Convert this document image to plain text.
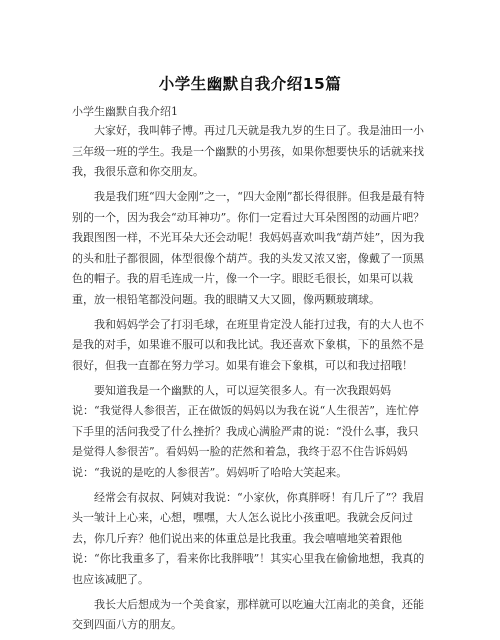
小学生幽默自我介绍15篇
小学生幽默自我介绍1

大家好，我叫韩子博。再过几天就是我九岁的生日了。我是油田一小三年级一班的学生。我是一个幽默的小男孩，如果你想要快乐的话就来找我，我很乐意和你交朋友。

我是我们班“四大金刚”之一，“四大金刚”都长得很胖。但我是最有特别的一个，因为我会“动耳神功”。你们一定看过大耳朵图图的动画片吧？我跟图图一样，不光耳朵大还会动呢！我妈妈喜欢叫我“葫芦娃”，因为我的头和肚子都很圆，体型很像个葫芦。我的头发又浓又密，像戴了一顶黑色的帽子。我的眉毛连成一片，像一个一字。眼眨毛很长，如果可以栽重，放一根铅笔都没问题。我的眼睛又大又圆，像两颗玻璃球。

我和妈妈学会了打羽毛球，在班里肯定没人能打过我，有的大人也不是我的对手，如果谁不服可以和我比试。我还喜欢下象棋，下的虽然不是很好，但我一直都在努力学习。如果有谁会下象棋，可以和我过招哦！

要知道我是一个幽默的人，可以逗笑很多人。有一次我跟妈妈说：“我觉得人参很苦，正在做饭的妈妈以为我在说“人生很苦”，连忙停下手里的活问我受了什么挫折？我成心满脸严肃的说：“没什么事，我只是觉得人参很苦”。看妈妈一脸的茫然和着急，我终于忍不住告诉妈妈说：“我说的是吃的人参很苦”。妈妈听了哈哈大笑起来。

经常会有叔叔、阿姨对我说：“小家伙，你真胖呀！有几斤了”？我眉头一皱计上心来，心想，嘿嘿，大人怎么说比小孩重吧。我就会反问过去，你几斤弃？他们说出来的体重总是比我重。我会嘻嘻地笑着跟他说：“你比我重多了，看来你比我胖哦”！其实心里我在偷偷地想，我真的也应该减肥了。

我长大后想成为一个美食家，那样就可以吃遍大江南北的美食，还能交到四面八方的朋友。
